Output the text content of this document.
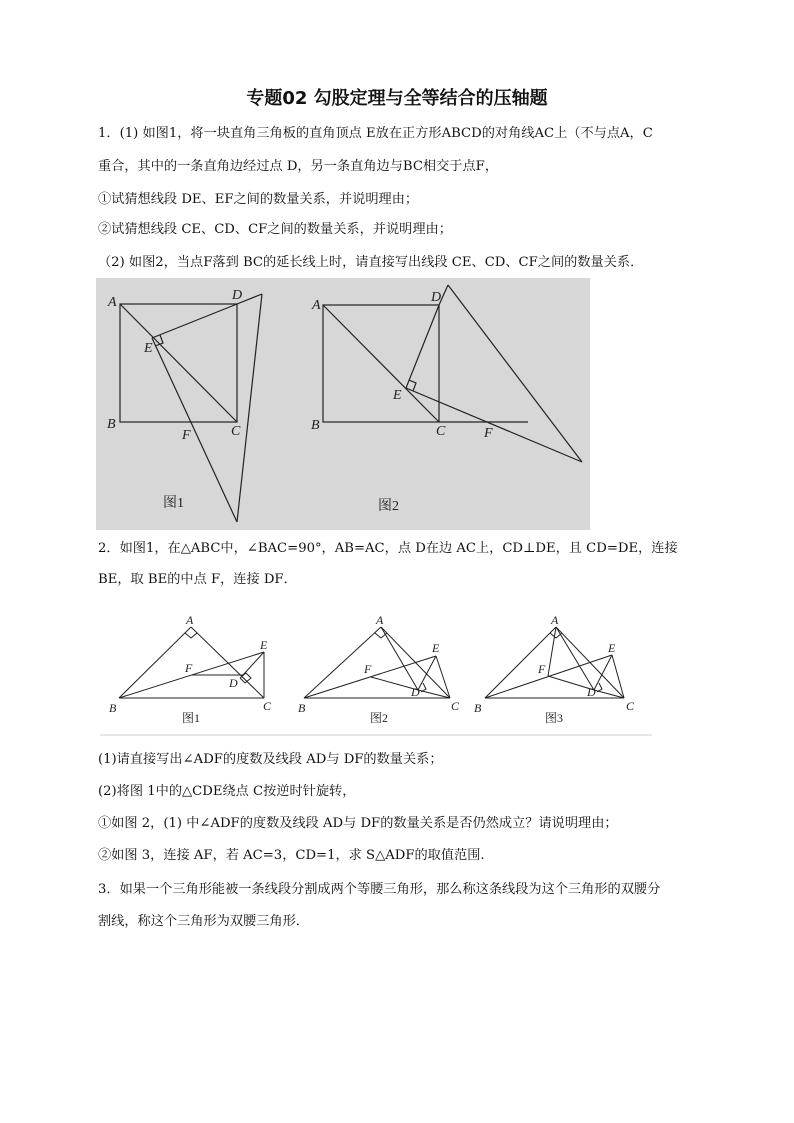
专题02 勾股定理与全等结合的压轴题
1．(1) 如图1，将一块直角三角板的直角顶点 E放在正方形ABCD的对角线AC上（不与点A，C
重合，其中的一条直角边经过点 D，另一条直角边与BC相交于点F，
①试猜想线段 DE、EF之间的数量关系，并说明理由；
②试猜想线段 CE、CD、CF之间的数量关系，并说明理由；
（2) 如图2，当点F落到 BC的延长线上时，请直接写出线段 CE、CD、CF之间的数量关系．
A	D
E
B
F	C
A
D
E
B	C	F
图1	图2
2．如图1，在△ABC中，∠BAC=90°，AB=AC，点 D在边 AC上，CD⊥DE，且 CD=DE，连接
BE，取 BE的中点 F，连接 DF．
A
E
F
D
B	C
A
E
F
D
B	C
A
E
F
D
B	C
图1	图2	图3
(1)请直接写出∠ADF的度数及线段 AD与 DF的数量关系；
(2)将图 1中的△CDE绕点 C按逆时针旋转，
①如图 2，(1) 中∠ADF的度数及线段 AD与 DF的数量关系是否仍然成立？请说明理由；
②如图 3，连接 AF，若 AC=3，CD=1，求 S△ADF的取值范围.
3．如果一个三角形能被一条线段分割成两个等腰三角形，那么称这条线段为这个三角形的双腰分
割线，称这个三角形为双腰三角形．
